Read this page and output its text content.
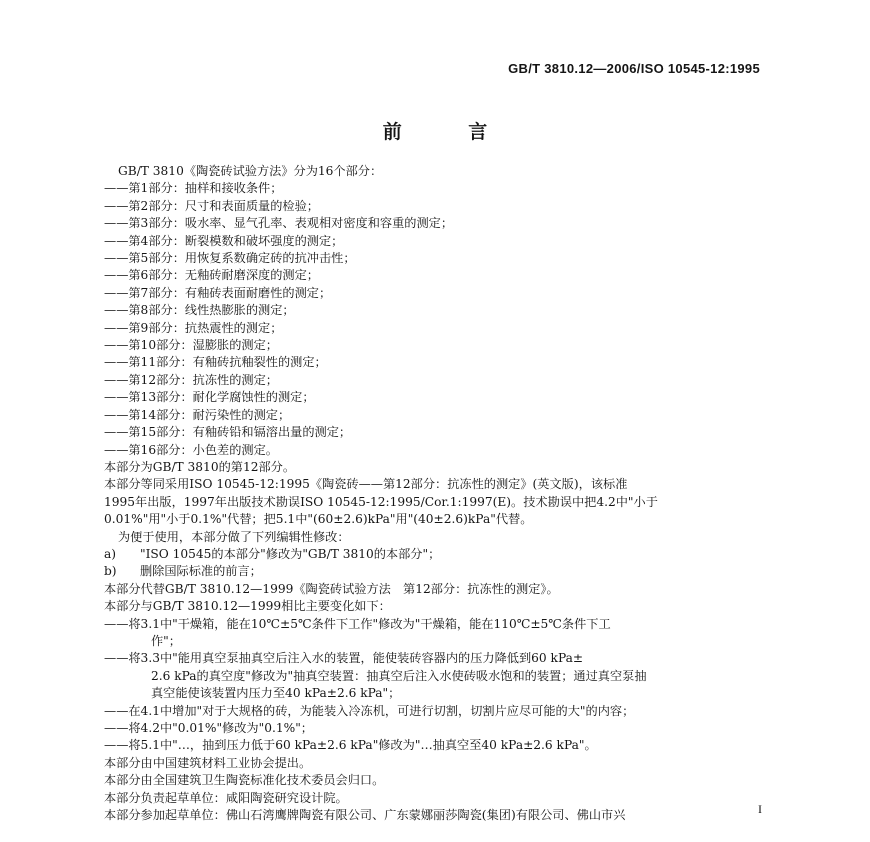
GB/T 3810.12—2006/ISO 10545-12:1995
前 言
GB/T 3810《陶瓷砖试验方法》分为16个部分：
——第1部分：抽样和接收条件；
——第2部分：尺寸和表面质量的检验；
——第3部分：吸水率、显气孔率、表观相对密度和容重的测定；
——第4部分：断裂模数和破坏强度的测定；
——第5部分：用恢复系数确定砖的抗冲击性；
——第6部分：无釉砖耐磨深度的测定；
——第7部分：有釉砖表面耐磨性的测定；
——第8部分：线性热膨胀的测定；
——第9部分：抗热震性的测定；
——第10部分：湿膨胀的测定；
——第11部分：有釉砖抗釉裂性的测定；
——第12部分：抗冻性的测定；
——第13部分：耐化学腐蚀性的测定；
——第14部分：耐污染性的测定；
——第15部分：有釉砖铅和镉溶出量的测定；
——第16部分：小色差的测定。
本部分为GB/T 3810的第12部分。
本部分等同采用ISO 10545-12:1995《陶瓷砖——第12部分：抗冻性的测定》(英文版)，该标准
1995年出版，1997年出版技术勘误ISO 10545-12:1995/Cor.1:1997(E)。技术勘误中把4.2中"小于
0.01%"用"小于0.1%"代替；把5.1中"(60±2.6)kPa"用"(40±2.6)kPa"代替。
为便于使用，本部分做了下列编辑性修改：
a) "ISO 10545的本部分"修改为"GB/T 3810的本部分"；
b) 删除国际标准的前言；
本部分代替GB/T 3810.12—1999《陶瓷砖试验方法　第12部分：抗冻性的测定》。
本部分与GB/T 3810.12—1999相比主要变化如下：
——将3.1中"干燥箱，能在10℃±5℃条件下工作"修改为"干燥箱，能在110℃±5℃条件下工
作"；
——将3.3中"能用真空泵抽真空后注入水的装置，能使装砖容器内的压力降低到60 kPa±
2.6 kPa的真空度"修改为"抽真空装置：抽真空后注入水使砖吸水饱和的装置；通过真空泵抽
真空能使该装置内压力至40 kPa±2.6 kPa"；
——在4.1中增加"对于大规格的砖，为能装入冷冻机，可进行切割，切割片应尽可能的大"的内容；
——将4.2中"0.01%"修改为"0.1%"；
——将5.1中"…，抽到压力低于60 kPa±2.6 kPa"修改为"…抽真空至40 kPa±2.6 kPa"。
本部分由中国建筑材料工业协会提出。
本部分由全国建筑卫生陶瓷标准化技术委员会归口。
本部分负责起草单位：咸阳陶瓷研究设计院。
本部分参加起草单位：佛山石湾鹰牌陶瓷有限公司、广东蒙娜丽莎陶瓷(集团)有限公司、佛山市兴	I
